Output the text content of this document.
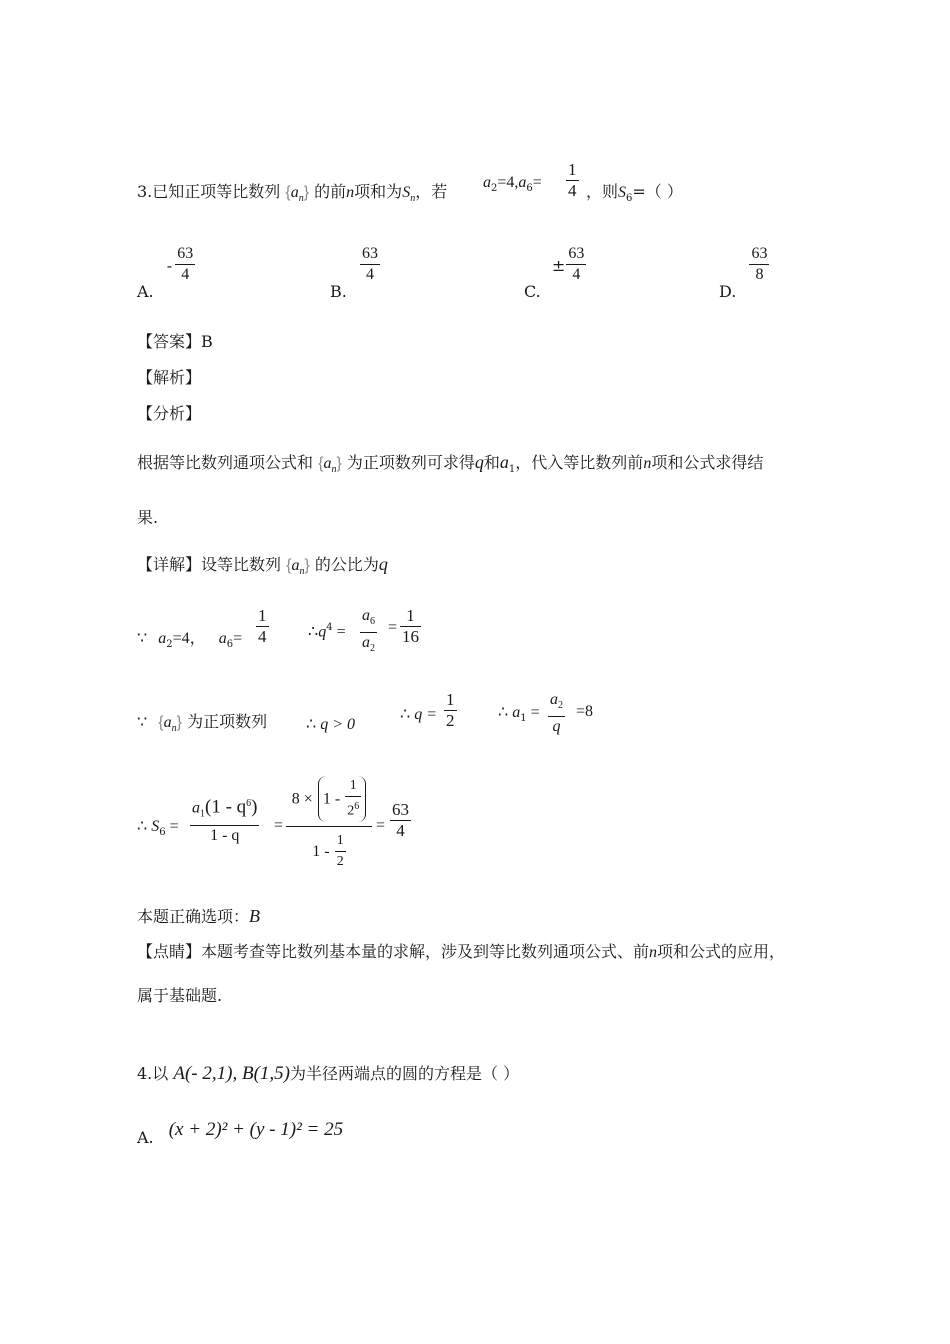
3.已知正项等比数列 $\{a_n\}$ 的前n项和为$S_n$，若 $a_2=4,a_6= \frac{1}{4}$ ，则$S_6=$（ ）
A. - $\frac{63}{4}$
B.
$\frac{63}{4}$
C. ± $\frac{63}{4}$
D.
$\frac{63}{8}$
【答案】B
【解析】
【分析】
根据等比数列通项公式和 $\{a_n\}$ 为正项数列可求得q和$a_1$，代入等比数列前n项和公式求得结
果.
【详解】设等比数列 $\{a_n\}$ 的公比为q
∵ $a_2=4$， $a_6= \frac{1}{4}$ $\therefore q^4 = \frac{a_6}{a_2} = \frac{1}{16}$
∵ $\{a_n\}$ 为正项数列 ∴ q > 0
∴ $q = \frac{1}{2}$	∴ $a_1 = \frac{a_2}{q} =8$
∴ $S_6 = \frac{a_1(1 - q^6)}{1 - q}$ =
$8 \times 1 - \frac{1}{2^6}$
$1 - \frac{1}{2}$
= $\frac{63}{4}$
本题正确选项：B
【点睛】本题考查等比数列基本量的求解，涉及到等比数列通项公式、前n项和公式的应用，
属于基础题.
4.以 A(- 2,1), B(1,5)为半径两端点的圆的方程是（ ）
A. (x + 2)² + (y - 1)² = 25
